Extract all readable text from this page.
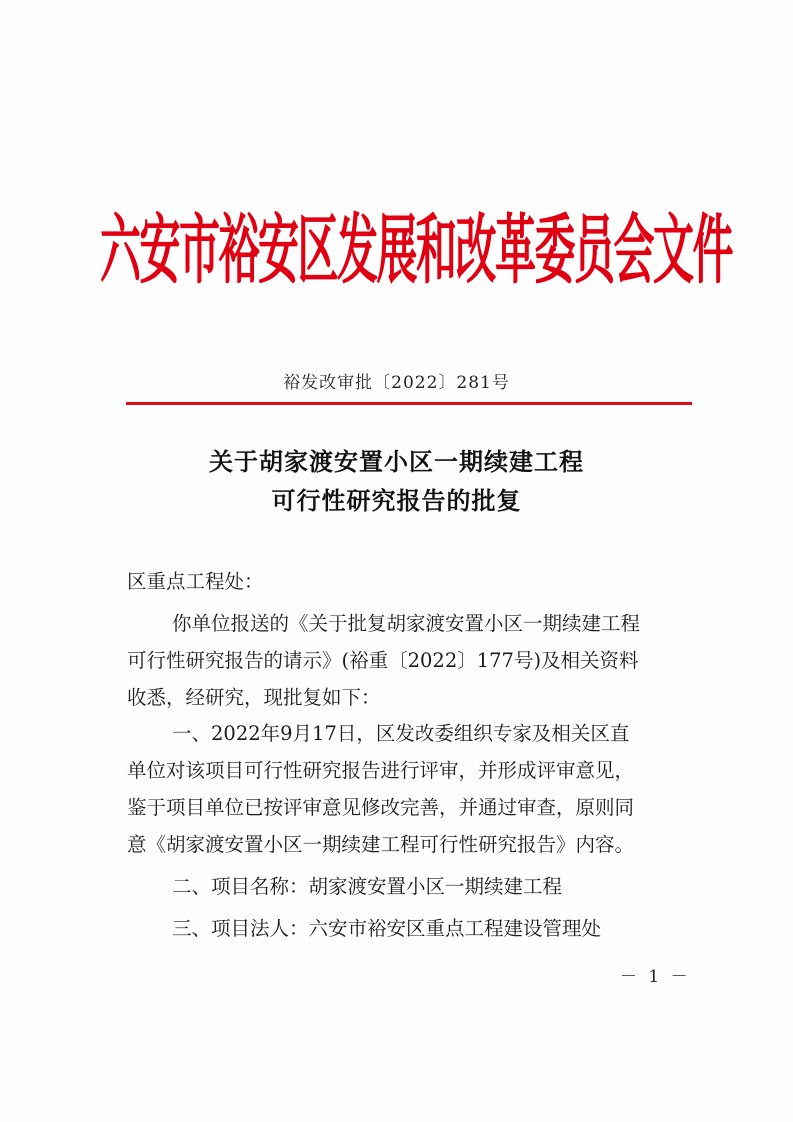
六安市裕安区发展和改革委员会文件
裕发改审批〔2022〕281号
关于胡家渡安置小区一期续建工程
可行性研究报告的批复
区重点工程处：
你单位报送的《关于批复胡家渡安置小区一期续建工程
可行性研究报告的请示》(裕重〔2022〕177号)及相关资料
收悉，经研究，现批复如下：
一、2022年9月17日，区发改委组织专家及相关区直
单位对该项目可行性研究报告进行评审，并形成评审意见，
鉴于项目单位已按评审意见修改完善，并通过审查，原则同
意《胡家渡安置小区一期续建工程可行性研究报告》内容。
二、项目名称：胡家渡安置小区一期续建工程
三、项目法人：六安市裕安区重点工程建设管理处
－ 1 －
